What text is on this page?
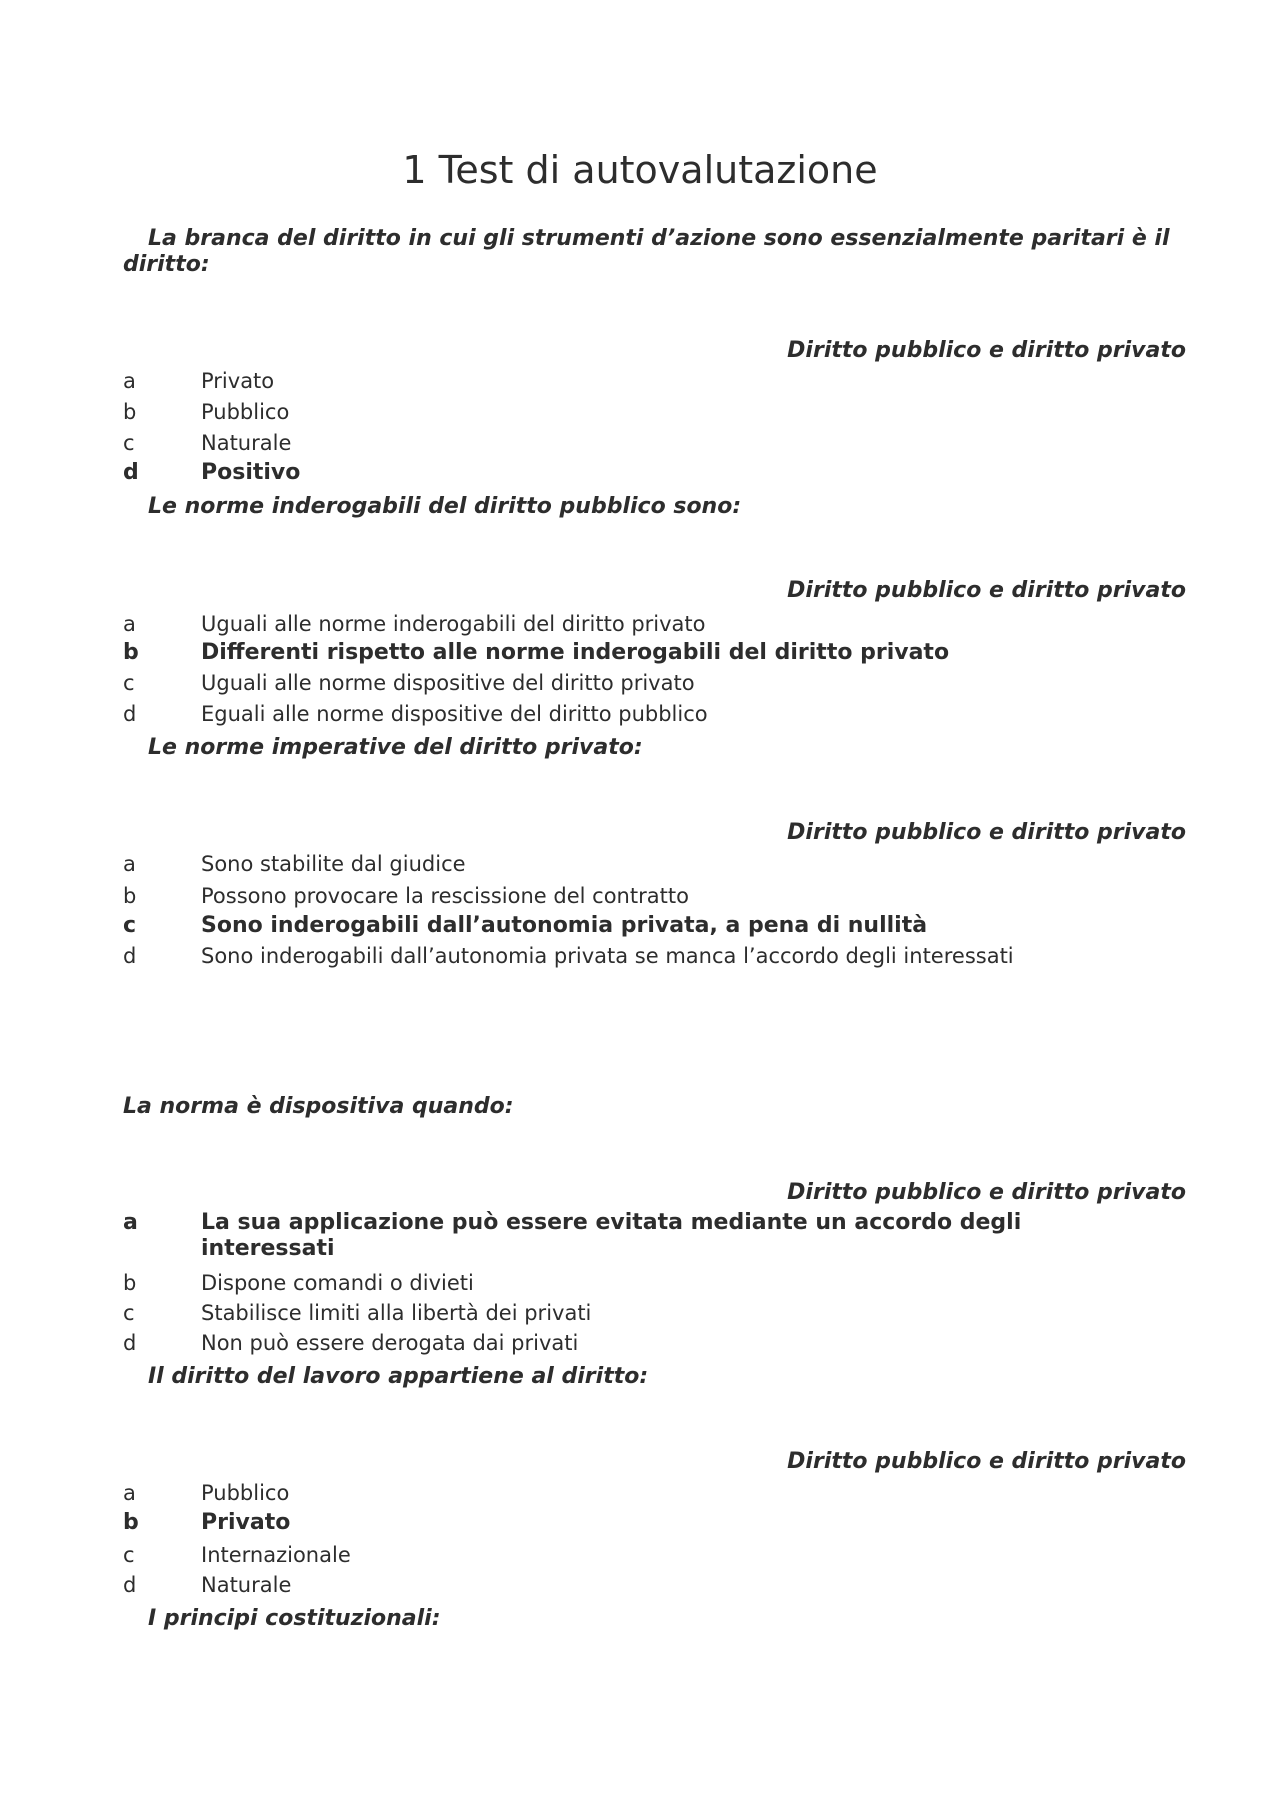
1 Test di autovalutazione
La branca del diritto in cui gli strumenti d’azione sono essenzialmente paritari è il diritto:
Diritto pubblico e diritto privato
a	Privato
b	Pubblico
c	Naturale
d	Positivo
Le norme inderogabili del diritto pubblico sono:
Diritto pubblico e diritto privato
a	Uguali alle norme inderogabili del diritto privato
b	Differenti rispetto alle norme inderogabili del diritto privato
c	Uguali alle norme dispositive del diritto privato
d	Eguali alle norme dispositive del diritto pubblico
Le norme imperative del diritto privato:
Diritto pubblico e diritto privato
a	Sono stabilite dal giudice
b	Possono provocare la rescissione del contratto
c	Sono inderogabili dall’autonomia privata, a pena di nullità
d	Sono inderogabili dall’autonomia privata se manca l’accordo degli interessati
La norma è dispositiva quando:
Diritto pubblico e diritto privato
a	La sua applicazione può essere evitata mediante un accordo degli interessati
b	Dispone comandi o divieti
c	Stabilisce limiti alla libertà dei privati
d	Non può essere derogata dai privati
Il diritto del lavoro appartiene al diritto:
Diritto pubblico e diritto privato
a	Pubblico
b	Privato
c	Internazionale
d	Naturale
I principi costituzionali:
